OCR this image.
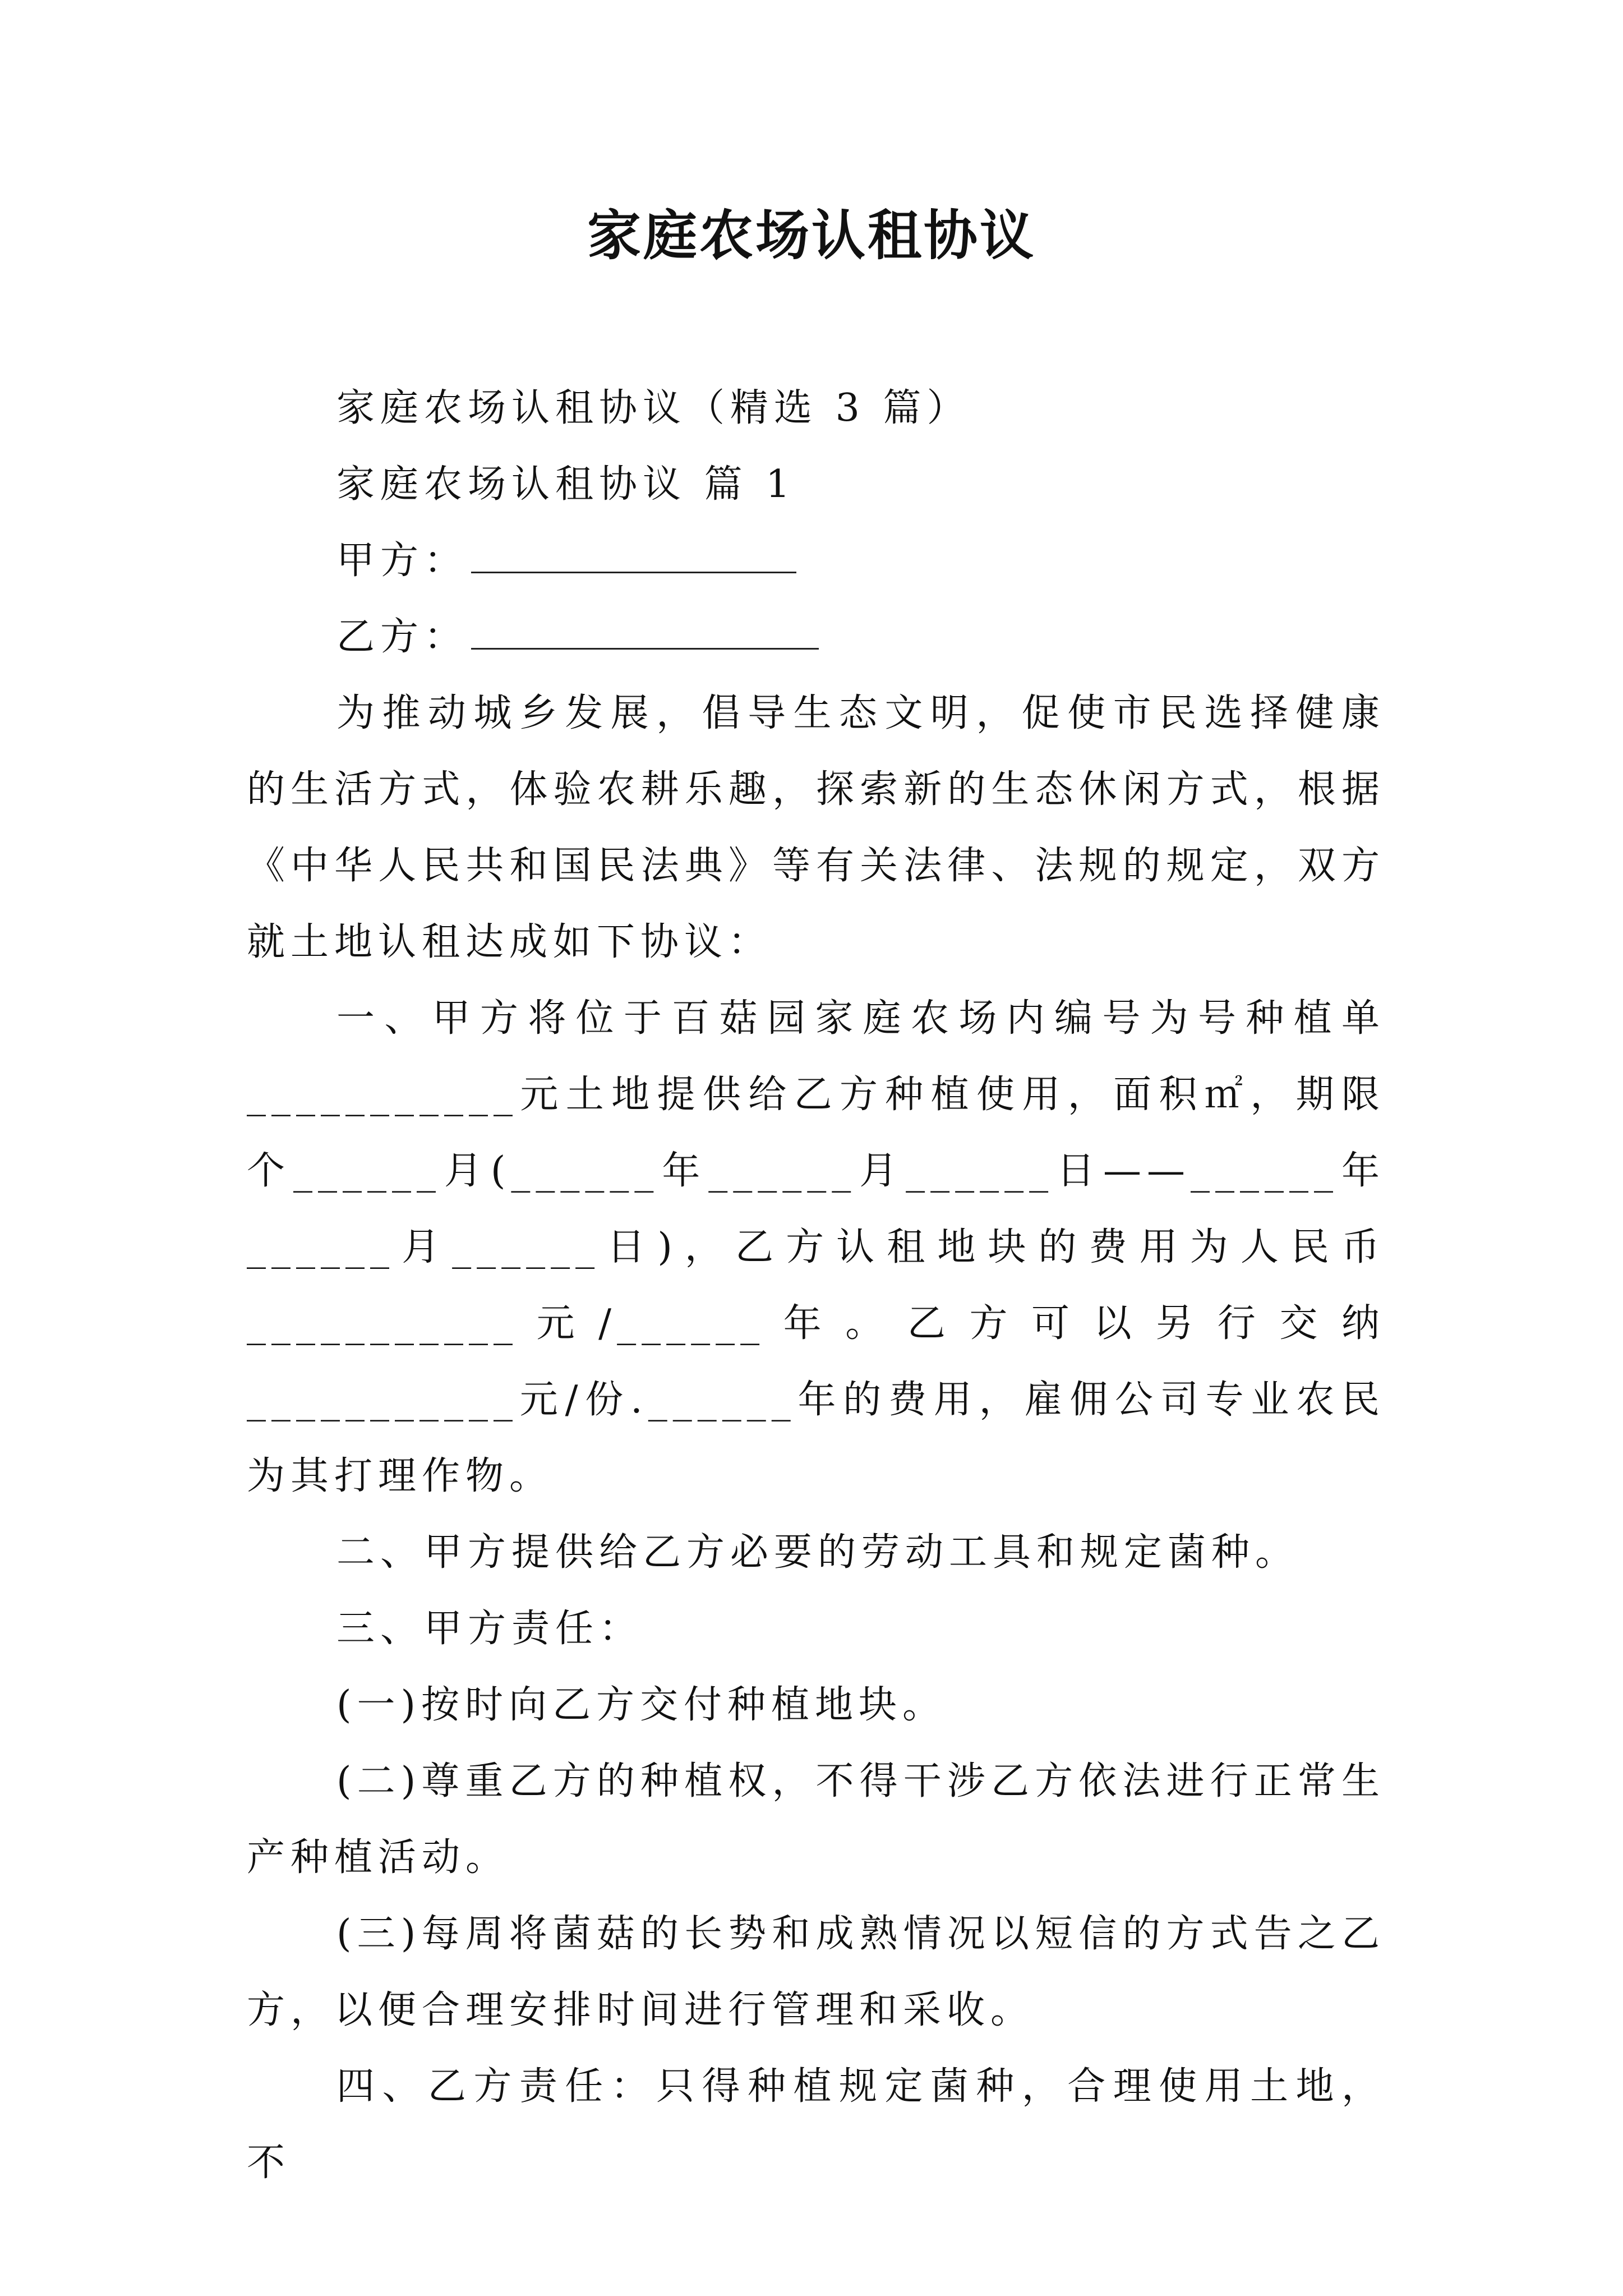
家庭农场认租协议

家庭农场认租协议（精选 3 篇）

家庭农场认租协议 篇 1

甲方：

乙方：

为推动城乡发展，倡导生态文明，促使市民选择健康的生活方式，体验农耕乐趣，探索新的生态休闲方式，根据《中华人民共和国民法典》等有关法律、法规的规定，双方就土地认租达成如下协议：

一、甲方将位于百菇园家庭农场内编号为号种植单___________元土地提供给乙方种植使用，面积㎡，期限个______月(______年______月______日——______年______月______日)，乙方认租地块的费用为人民币___________元/______年。乙方可以另行交纳___________元/份.______年的费用，雇佣公司专业农民为其打理作物。

二、甲方提供给乙方必要的劳动工具和规定菌种。

三、甲方责任：

(一)按时向乙方交付种植地块。

(二)尊重乙方的种植权，不得干涉乙方依法进行正常生产种植活动。

(三)每周将菌菇的长势和成熟情况以短信的方式告之乙方，以便合理安排时间进行管理和采收。

四、乙方责任：只得种植规定菌种，合理使用土地，不
